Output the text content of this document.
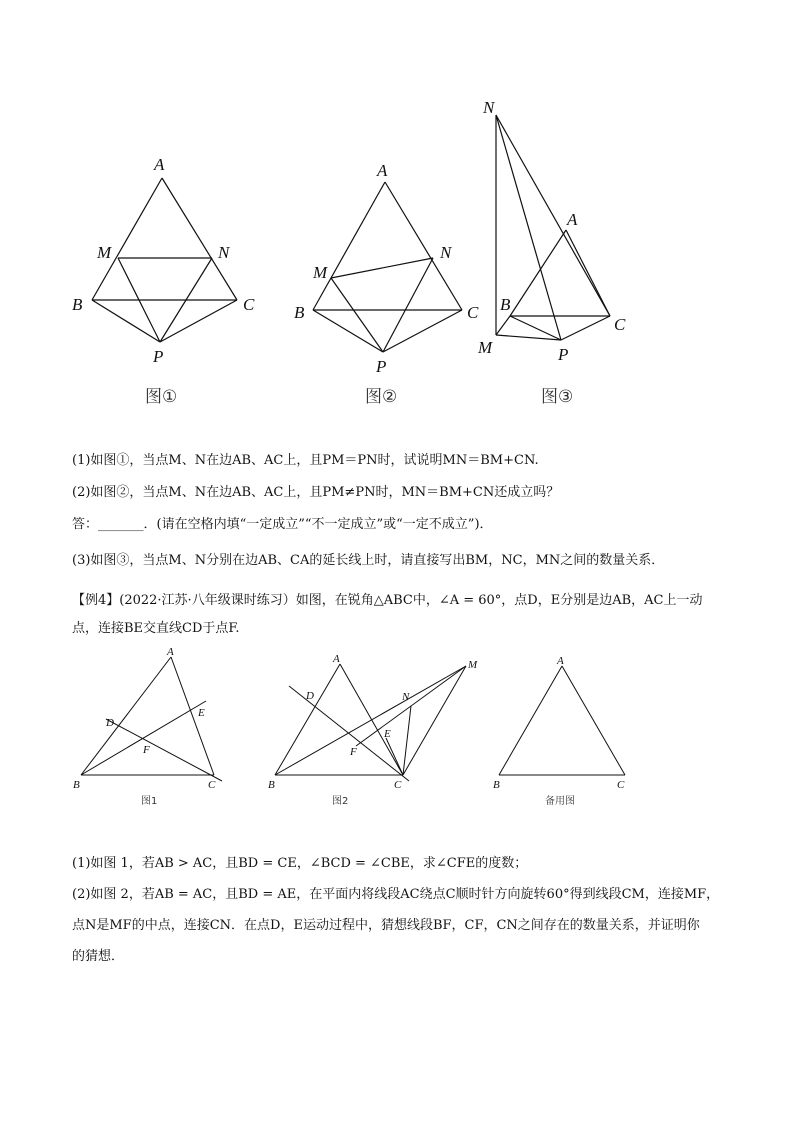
A
M	N
B	C
P
图①
A
M
N
B	C
P
图②
N
A
B
C
M	P
图③
A
D
E
F
B	C
图1
A	M
D	N
E
F
B	C
图2
A
B	C
备用图
(1)如图①，当点M、N在边AB、AC上，且PM＝PN时，试说明MN＝BM+CN.
(2)如图②，当点M、N在边AB、AC上，且PM≠PN时，MN＝BM+CN还成立吗？
答：_______．(请在空格内填“一定成立”“不一定成立”或“一定不成立”)．
(3)如图③，当点M、N分别在边AB、CA的延长线上时，请直接写出BM，NC，MN之间的数量关系．
【例4】(2022·江苏·八年级课时练习）如图，在锐角△ABC中，∠A = 60°，点D，E分别是边AB，AC上一动
点，连接BE交直线CD于点F.
(1)如图 1，若AB > AC，且BD = CE，∠BCD = ∠CBE，求∠CFE的度数；
(2)如图 2，若AB = AC，且BD = AE，在平面内将线段AC绕点C顺时针方向旋转60°得到线段CM，连接MF，
点N是MF的中点，连接CN．在点D，E运动过程中，猜想线段BF，CF，CN之间存在的数量关系，并证明你
的猜想．
